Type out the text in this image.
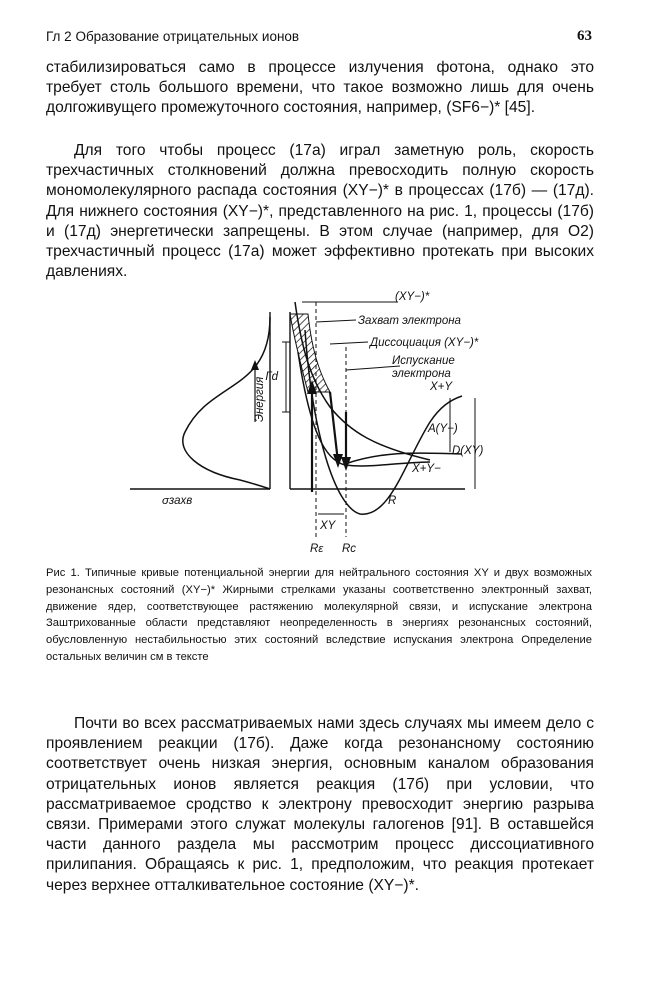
Гл 2 Образование отрицательных ионов	63

стабилизироваться само в процессе излучения фотона, однако это требует столь большого времени, что такое возможно лишь для очень долгоживущего промежуточного состояния, например, (SF6−)* [45].

Для того чтобы процесс (17а) играл заметную роль, скорость трехчастичных столкновений должна превосходить полную скорость мономолекулярного распада состояния (XY−)* в процессах (17б) — (17д). Для нижнего состояния (XY−)*, представленного на рис. 1, процессы (17б) и (17д) энергетически запрещены. В этом случае (например, для O2) трехчастичный процесс (17а) может эффективно протекать при высоких давлениях.

Энергия
σзахв	R
Гd
A(Y−)
D(XY)
X+Y
X+Y−
XY
Rε Rc
(XY−)*
Захват электрона
Диссоциация (XY−)*
Испускание
электрона

Рис 1. Типичные кривые потенциальной энергии для нейтрального состояния XY и двух возможных резонансных состояний (XY−)* Жирными стрелками указаны соответственно электронный захват, движение ядер, соответствующее растяжению молекулярной связи, и испускание электрона Заштрихованные области представляют неопределенность в энергиях резонансных состояний, обусловленную нестабильностью этих состояний вследствие испускания электрона Определение остальных величин см в тексте

Почти во всех рассматриваемых нами здесь случаях мы имеем дело с проявлением реакции (17б). Даже когда резонансному состоянию соответствует очень низкая энергия, основным каналом образования отрицательных ионов является реакция (17б) при условии, что рассматриваемое сродство к электрону превосходит энергию разрыва связи. Примерами этого служат молекулы галогенов [91]. В оставшейся части данного раздела мы рассмотрим процесс диссоциативного прилипания. Обращаясь к рис. 1, предположим, что реакция протекает через верхнее отталкивательное состояние (XY−)*.
